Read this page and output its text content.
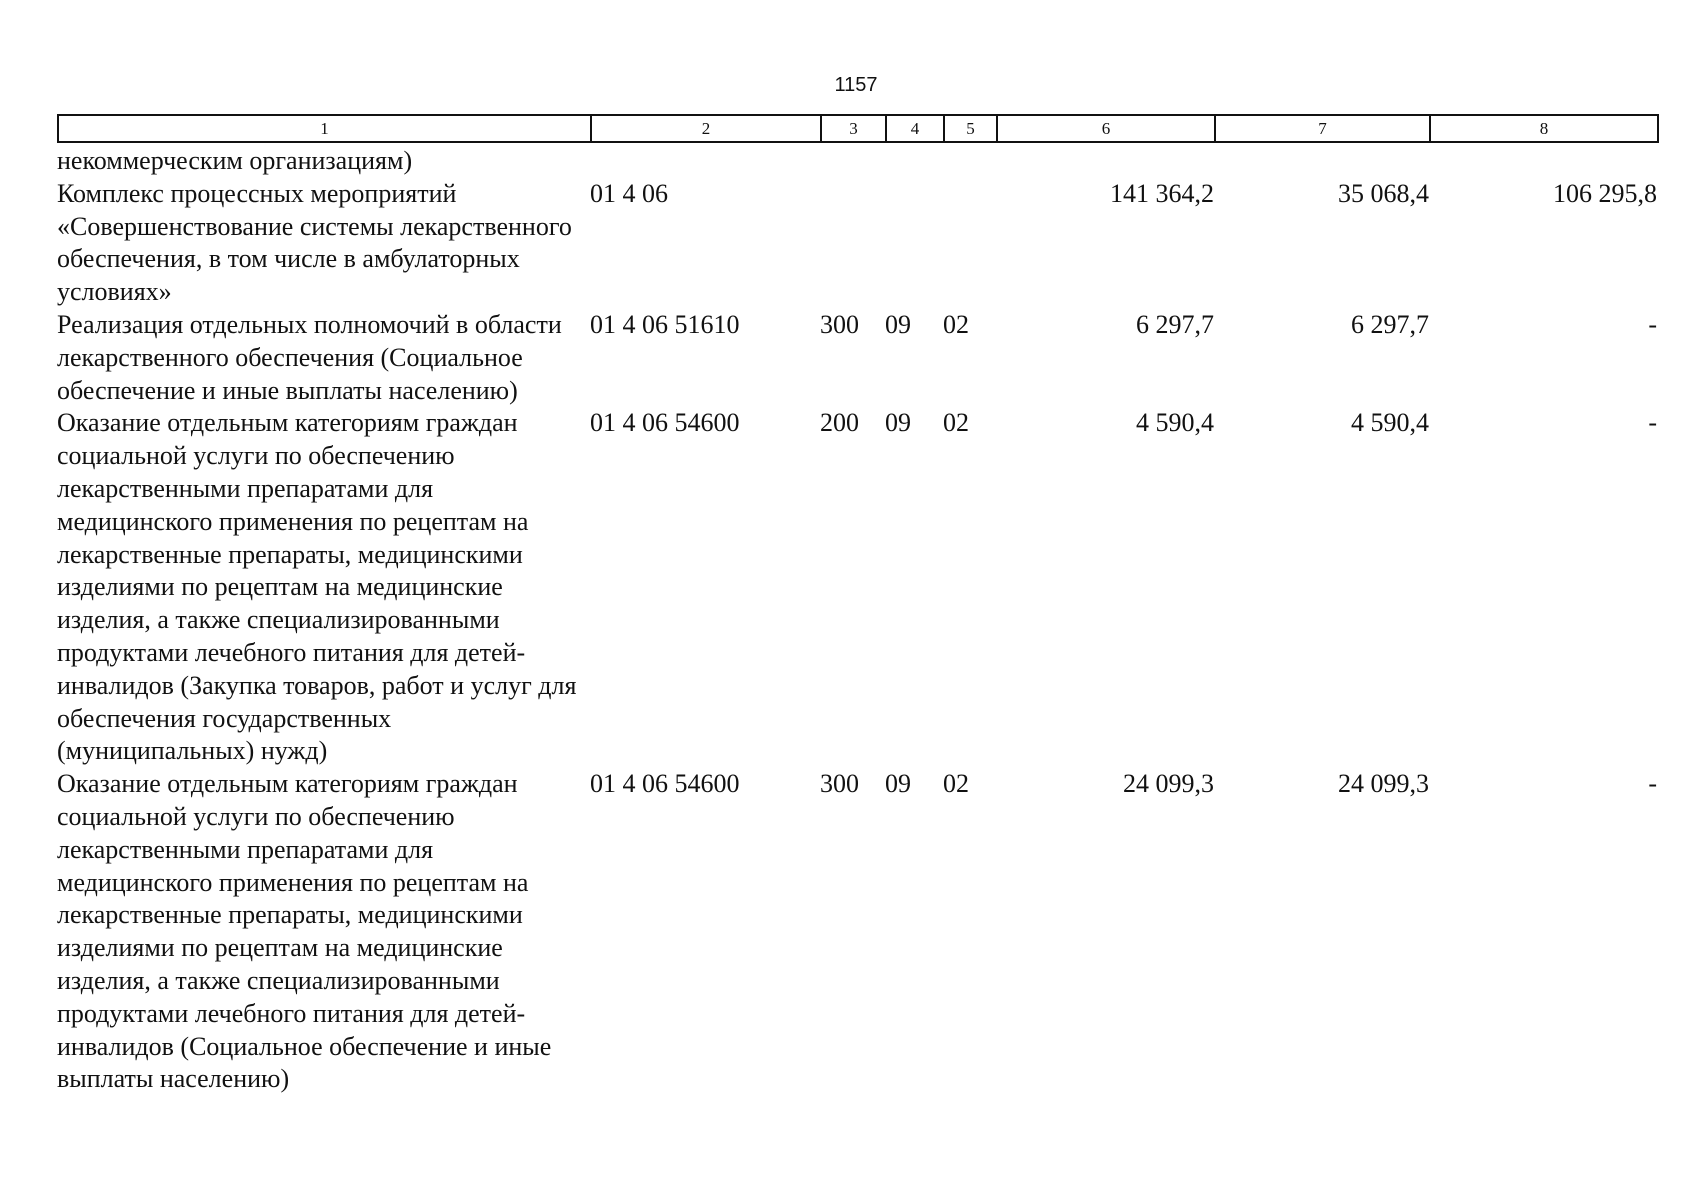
1157
1	2	3	4	5	6	7	8
некоммерческим организациям)							
Комплекс процессных мероприятий «Совершенствование системы лекарственного обеспечения, в том числе в амбулаторных условиях»	01 4 06				141 364,2	35 068,4	106 295,8
Реализация отдельных полномочий в области лекарственного обеспечения (Социальное обеспечение и иные выплаты населению)	01 4 06 51610	300	09	02	6 297,7	6 297,7	-
Оказание отдельным категориям граждан социальной услуги по обеспечению лекарственными препаратами для медицинского применения по рецептам на лекарственные препараты, медицинскими изделиями по рецептам на медицинские изделия, а также специализированными продуктами лечебного питания для детей-инвалидов (Закупка товаров, работ и услуг для обеспечения государственных (муниципальных) нужд)	01 4 06 54600	200	09	02	4 590,4	4 590,4	-
Оказание отдельным категориям граждан социальной услуги по обеспечению лекарственными препаратами для медицинского применения по рецептам на лекарственные препараты, медицинскими изделиями по рецептам на медицинские изделия, а также специализированными продуктами лечебного питания для детей-инвалидов (Социальное обеспечение и иные выплаты населению)	01 4 06 54600	300	09	02	24 099,3	24 099,3	-
